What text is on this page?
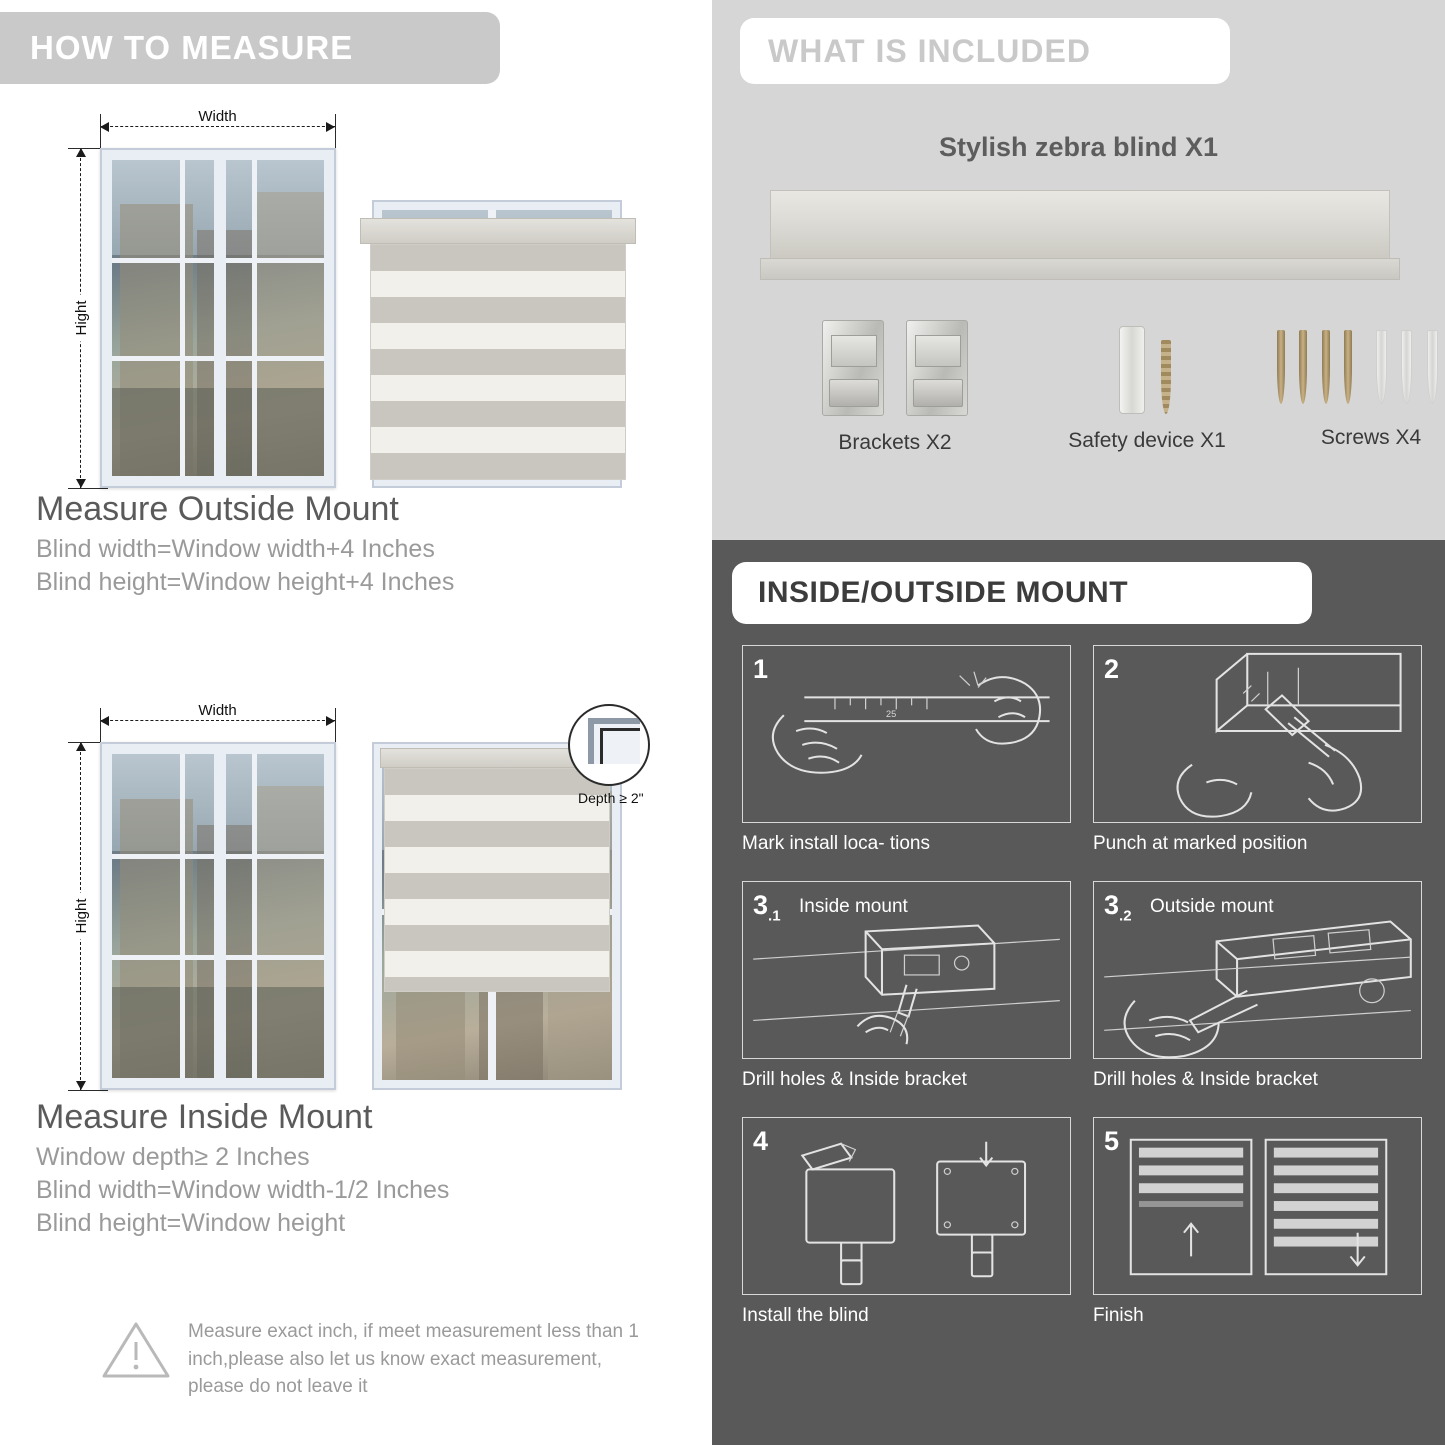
HOW TO MEASURE
Width
Hight
Measure Outside Mount

Blind width=Window width+4 Inches

Blind height=Window height+4 Inches

Width
Hight
Depth ≥ 2"
Measure Inside Mount

Window depth≥ 2 Inches

Blind width=Window width-1/2 Inches

Blind height=Window height

Measure exact inch, if meet measurement less than 1 inch,please also let us know exact measurement, please do not leave it
WHAT IS INCLUDED
Stylish zebra blind X1

Brackets X2
	Safety device X1
	Screws X4
INSIDE/OUTSIDE MOUNT
1
25
Mark install loca- tions
2
Punch at marked position
$3_{.1}$ Inside mount
Drill holes & Inside bracket
$3_{.2}$ Outside mount
Drill holes & Inside bracket
4
Install the blind
5
Finish
